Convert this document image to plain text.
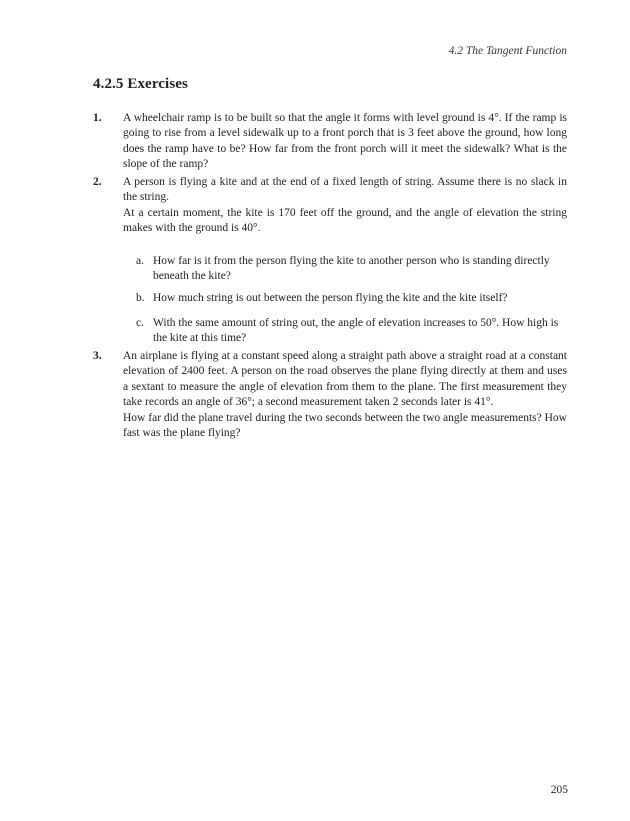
4.2 The Tangent Function
4.2.5 Exercises
1. A wheelchair ramp is to be built so that the angle it forms with level ground is 4°. If the ramp is going to rise from a level sidewalk up to a front porch that is 3 feet above the ground, how long does the ramp have to be? How far from the front porch will it meet the sidewalk? What is the slope of the ramp?

2. A person is flying a kite and at the end of a fixed length of string. Assume there is no slack in the string.

At a certain moment, the kite is 170 feet off the ground, and the angle of elevation the string makes with the ground is 40°.

a. How far is it from the person flying the kite to another person who is standing directly beneath the kite?
b. How much string is out between the person flying the kite and the kite itself?
c. With the same amount of string out, the angle of elevation increases to 50°. How high is the kite at this time?
3. An airplane is flying at a constant speed along a straight path above a straight road at a constant elevation of 2400 feet. A person on the road observes the plane flying directly at them and uses a sextant to measure the angle of elevation from them to the plane. The first measurement they take records an angle of 36°; a second measurement taken 2 seconds later is 41°.

How far did the plane travel during the two seconds between the two angle measurements? How fast was the plane flying?

205
